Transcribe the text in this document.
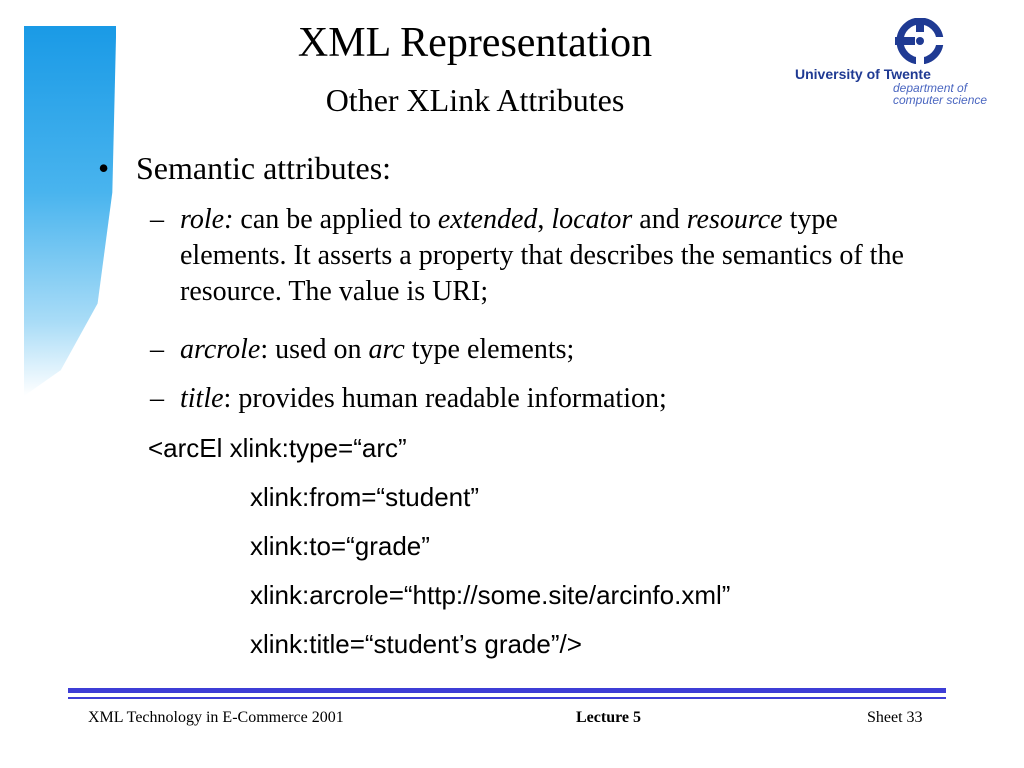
XML Representation
Other XLink Attributes
University of Twente
department of
computer science
• Semantic attributes:
– role: can be applied to extended, locator and resource type elements. It asserts a property that describes the semantics of the resource. The value is URI;
– arcrole: used on arc type elements;
– title: provides human readable information;
<arcEl xlink:type=“arc”
xlink:from=“student”
xlink:to=“grade”
xlink:arcrole=“http://some.site/arcinfo.xml”
xlink:title=“student’s grade”/>
XML Technology in E-Commerce 2001	Lecture 5	Sheet 33
